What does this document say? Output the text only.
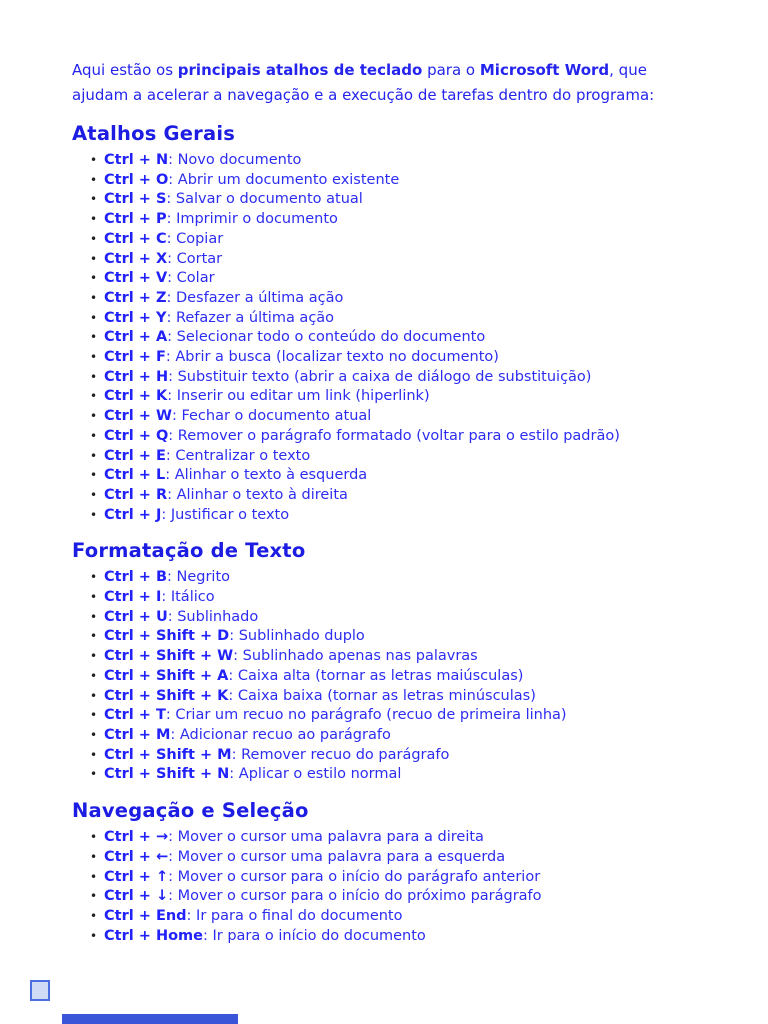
Aqui estão os principais atalhos de teclado para o Microsoft Word, que
ajudam a acelerar a navegação e a execução de tarefas dentro do programa:

Atalhos Gerais
• Ctrl + N: Novo documento
• Ctrl + O: Abrir um documento existente
• Ctrl + S: Salvar o documento atual
• Ctrl + P: Imprimir o documento
• Ctrl + C: Copiar
• Ctrl + X: Cortar
• Ctrl + V: Colar
• Ctrl + Z: Desfazer a última ação
• Ctrl + Y: Refazer a última ação
• Ctrl + A: Selecionar todo o conteúdo do documento
• Ctrl + F: Abrir a busca (localizar texto no documento)
• Ctrl + H: Substituir texto (abrir a caixa de diálogo de substituição)
• Ctrl + K: Inserir ou editar um link (hiperlink)
• Ctrl + W: Fechar o documento atual
• Ctrl + Q: Remover o parágrafo formatado (voltar para o estilo padrão)
• Ctrl + E: Centralizar o texto
• Ctrl + L: Alinhar o texto à esquerda
• Ctrl + R: Alinhar o texto à direita
• Ctrl + J: Justificar o texto
Formatação de Texto
• Ctrl + B: Negrito
• Ctrl + I: Itálico
• Ctrl + U: Sublinhado
• Ctrl + Shift + D: Sublinhado duplo
• Ctrl + Shift + W: Sublinhado apenas nas palavras
• Ctrl + Shift + A: Caixa alta (tornar as letras maiúsculas)
• Ctrl + Shift + K: Caixa baixa (tornar as letras minúsculas)
• Ctrl + T: Criar um recuo no parágrafo (recuo de primeira linha)
• Ctrl + M: Adicionar recuo ao parágrafo
• Ctrl + Shift + M: Remover recuo do parágrafo
• Ctrl + Shift + N: Aplicar o estilo normal
Navegação e Seleção
• Ctrl + →: Mover o cursor uma palavra para a direita
• Ctrl + ←: Mover o cursor uma palavra para a esquerda
• Ctrl + ↑: Mover o cursor para o início do parágrafo anterior
• Ctrl + ↓: Mover o cursor para o início do próximo parágrafo
• Ctrl + End: Ir para o final do documento
• Ctrl + Home: Ir para o início do documento
